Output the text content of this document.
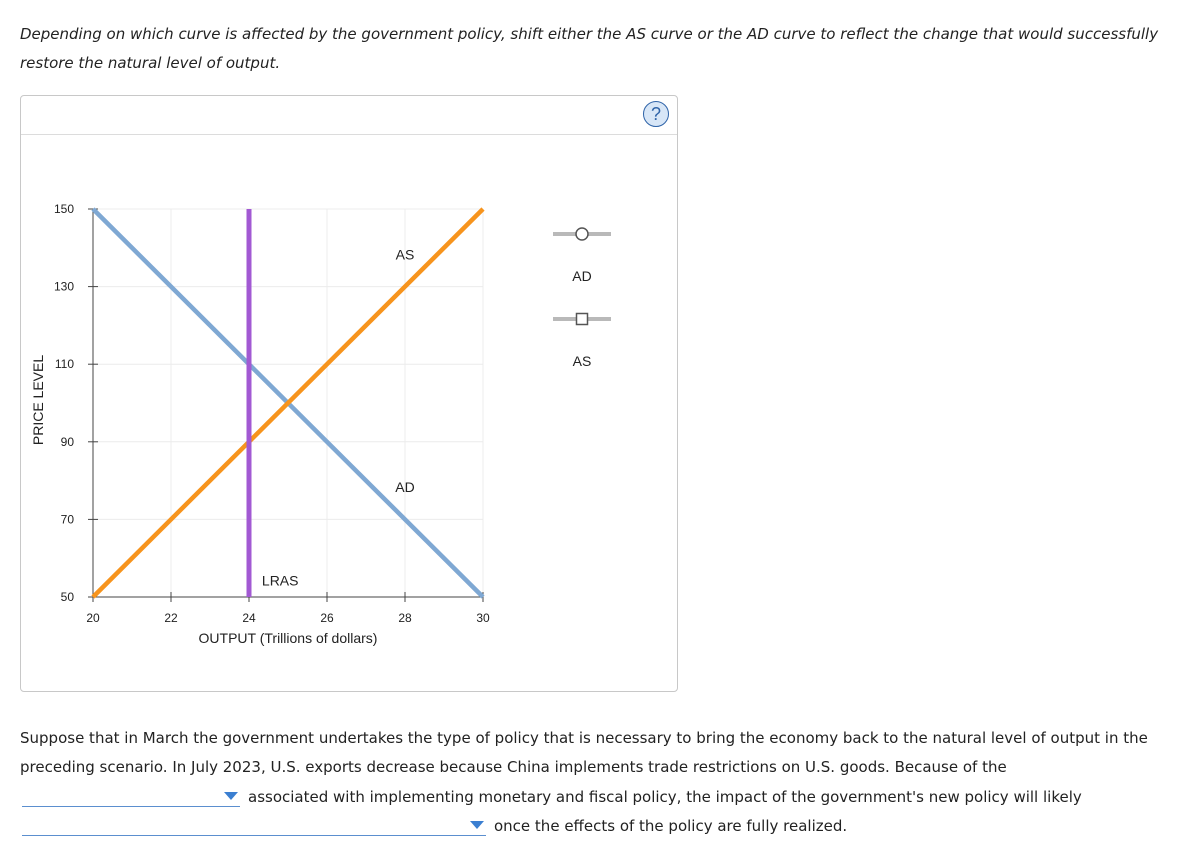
Depending on which curve is affected by the government policy, shift either the AS curve or the AD curve to reflect the change that would successfully restore the natural level of output.
?
50
70
90
110
130
150
20	22	24	26	28	30
AS
AD
LRAS
AD
AS
PRICE LEVEL
OUTPUT (Trillions of dollars)
Suppose that in March the government undertakes the type of policy that is necessary to bring the economy back to the natural level of output in the preceding scenario. In July 2023, U.S. exports decrease because China implements trade restrictions on U.S. goods. Because of the
associated with implementing monetary and fiscal policy, the impact of the government's new policy will likely
once the effects of the policy are fully realized.
